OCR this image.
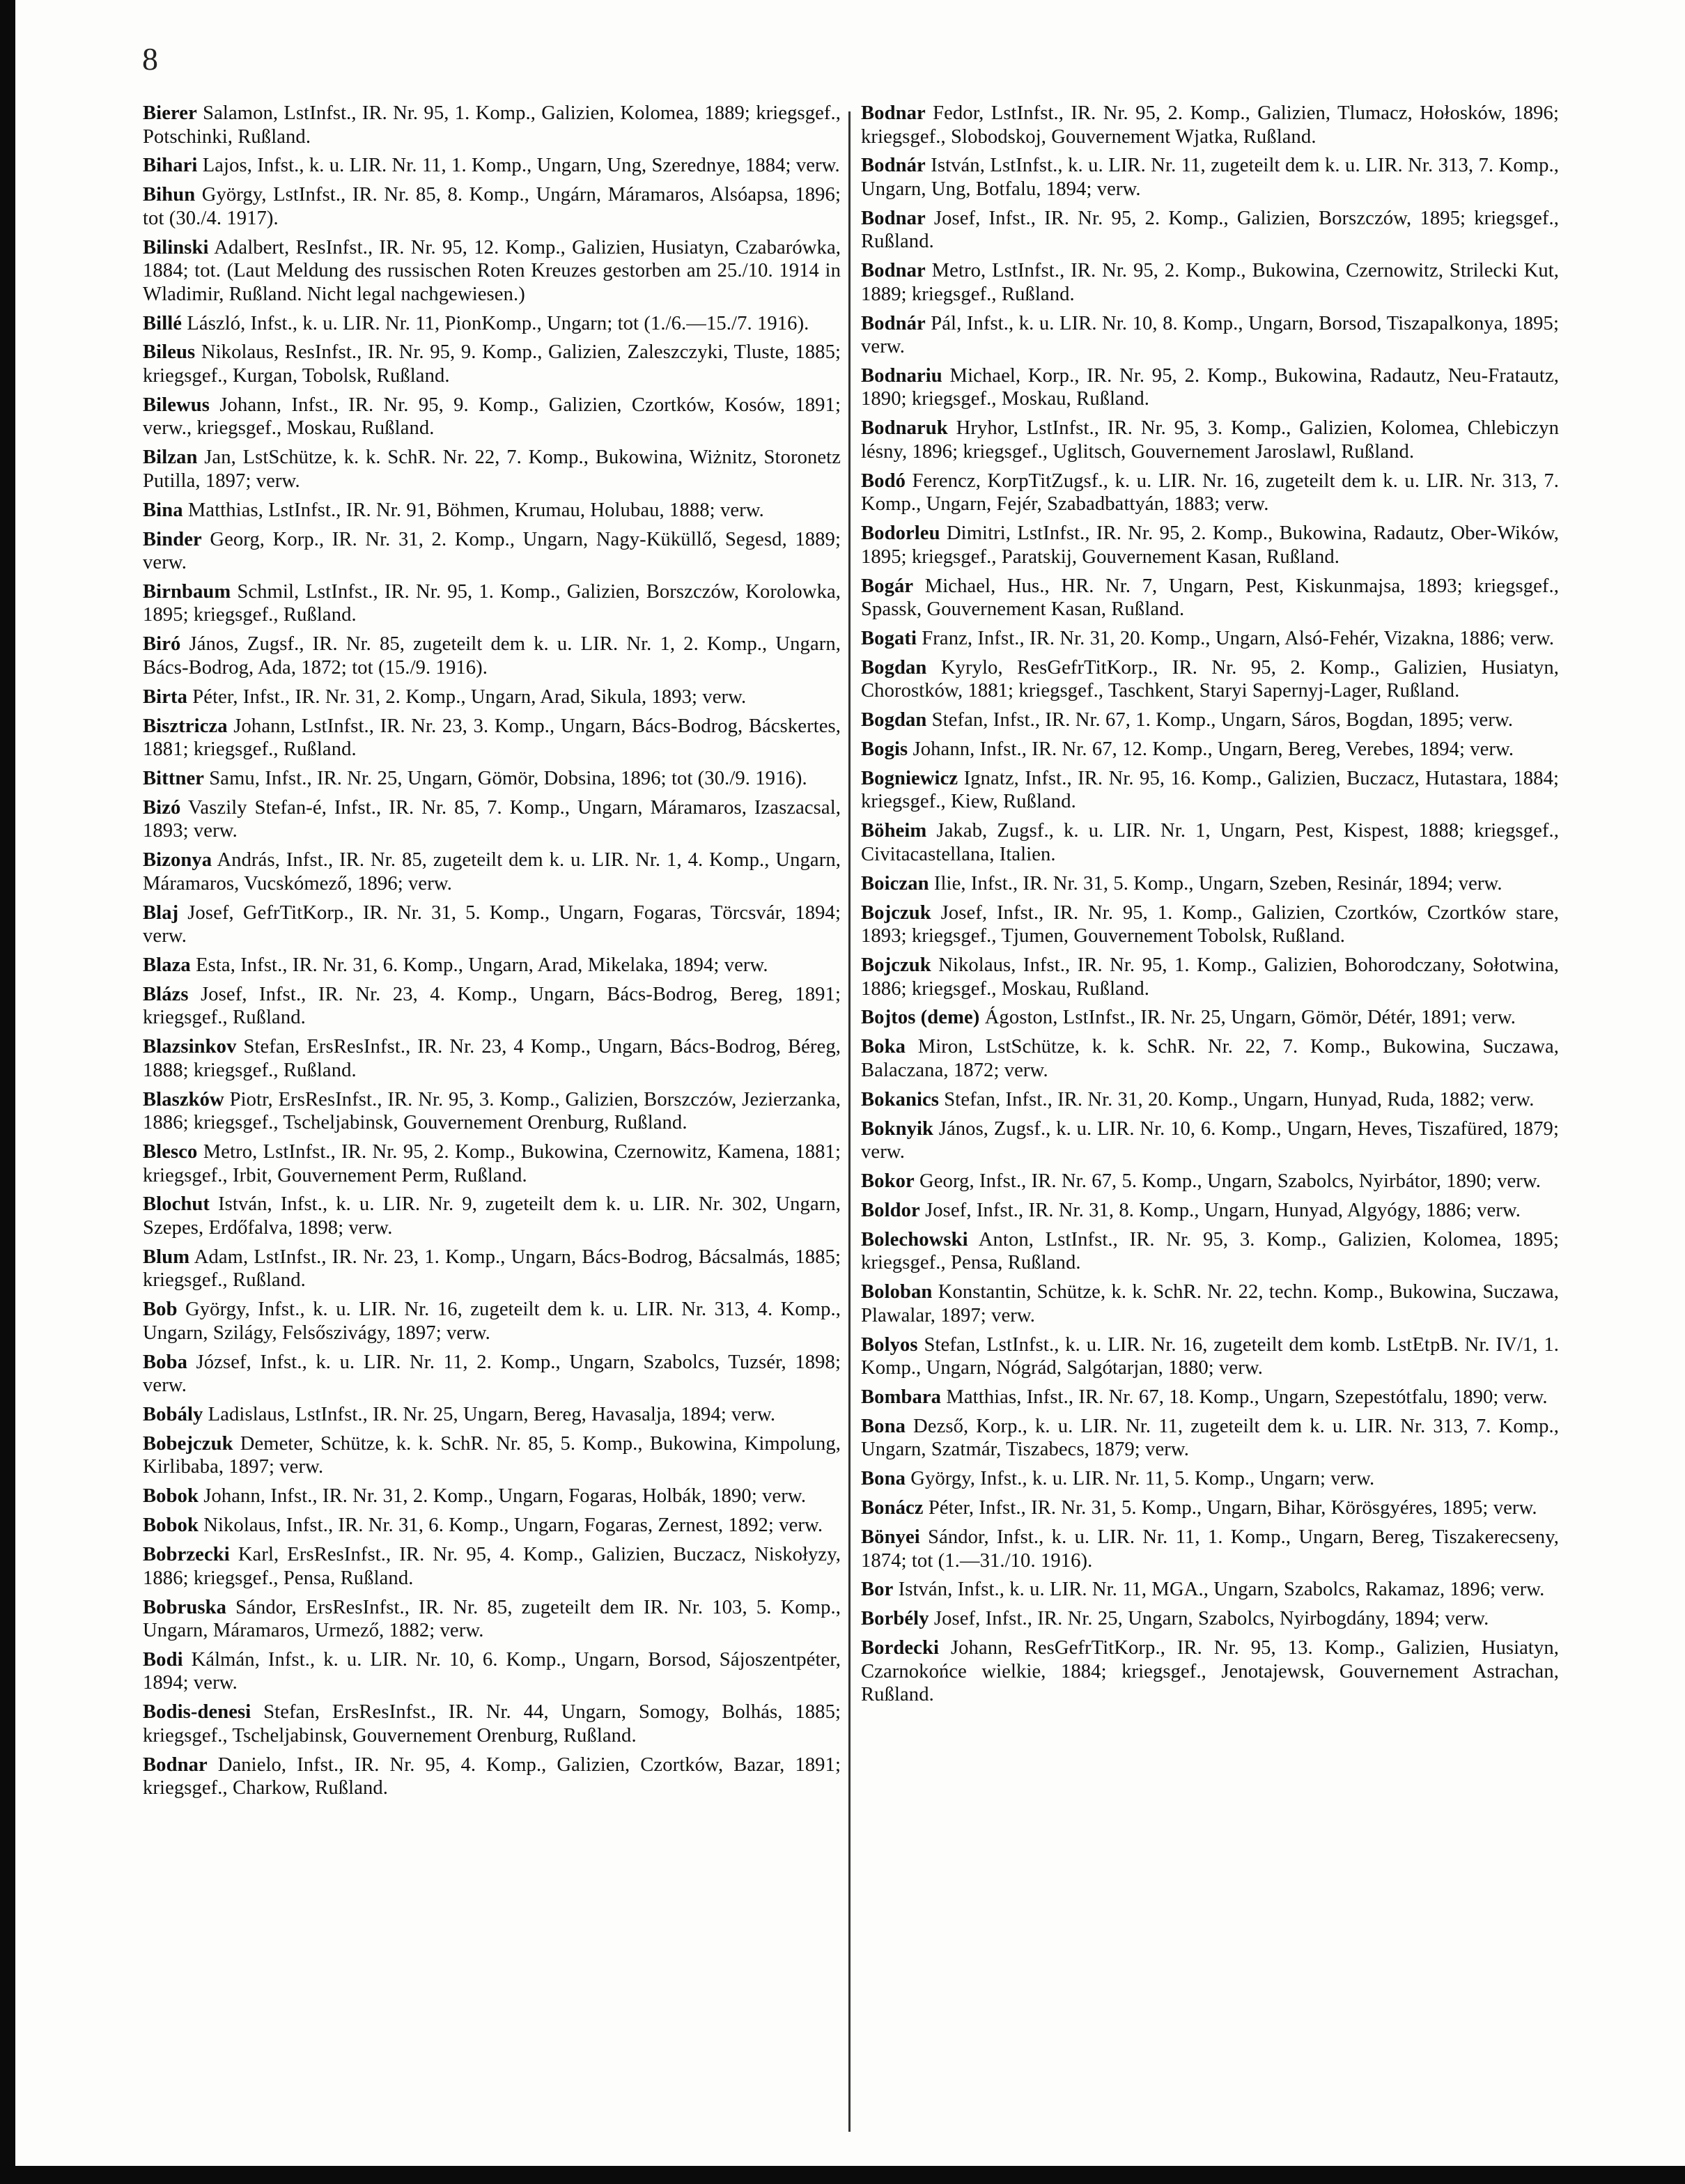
8

Bierer Salamon, LstInfst., IR. Nr. 95, 1. Komp., Galizien, Kolomea, 1889; kriegsgef., Potschinki, Rußland.

Bihari Lajos, Infst., k. u. LIR. Nr. 11, 1. Komp., Ungarn, Ung, Szerednye, 1884; verw.

Bihun György, LstInfst., IR. Nr. 85, 8. Komp., Ungárn, Máramaros, Alsóapsa, 1896; tot (30./4. 1917).

Bilinski Adalbert, ResInfst., IR. Nr. 95, 12. Komp., Galizien, Husiatyn, Czabarówka, 1884; tot. (Laut Meldung des russischen Roten Kreuzes gestorben am 25./10. 1914 in Wladimir, Rußland. Nicht legal nachgewiesen.)

Billé László, Infst., k. u. LIR. Nr. 11, PionKomp., Ungarn; tot (1./6.—15./7. 1916).

Bileus Nikolaus, ResInfst., IR. Nr. 95, 9. Komp., Galizien, Zaleszczyki, Tluste, 1885; kriegsgef., Kurgan, Tobolsk, Rußland.

Bilewus Johann, Infst., IR. Nr. 95, 9. Komp., Galizien, Czortków, Kosów, 1891; verw., kriegsgef., Moskau, Rußland.

Bilzan Jan, LstSchütze, k. k. SchR. Nr. 22, 7. Komp., Bukowina, Wiżnitz, Storonetz Putilla, 1897; verw.

Bina Matthias, LstInfst., IR. Nr. 91, Böhmen, Krumau, Holubau, 1888; verw.

Binder Georg, Korp., IR. Nr. 31, 2. Komp., Ungarn, Nagy-Küküllő, Segesd, 1889; verw.

Birnbaum Schmil, LstInfst., IR. Nr. 95, 1. Komp., Galizien, Borszczów, Korolowka, 1895; kriegsgef., Rußland.

Biró János, Zugsf., IR. Nr. 85, zugeteilt dem k. u. LIR. Nr. 1, 2. Komp., Ungarn, Bács-Bodrog, Ada, 1872; tot (15./9. 1916).

Birta Péter, Infst., IR. Nr. 31, 2. Komp., Ungarn, Arad, Sikula, 1893; verw.

Bisztricza Johann, LstInfst., IR. Nr. 23, 3. Komp., Ungarn, Bács-Bodrog, Bácskertes, 1881; kriegsgef., Rußland.

Bittner Samu, Infst., IR. Nr. 25, Ungarn, Gömör, Dobsina, 1896; tot (30./9. 1916).

Bizó Vaszily Stefan-é, Infst., IR. Nr. 85, 7. Komp., Ungarn, Máramaros, Izaszacsal, 1893; verw.

Bizonya András, Infst., IR. Nr. 85, zugeteilt dem k. u. LIR. Nr. 1, 4. Komp., Ungarn, Máramaros, Vucskómező, 1896; verw.

Blaj Josef, GefrTitKorp., IR. Nr. 31, 5. Komp., Ungarn, Fogaras, Törcsvár, 1894; verw.

Blaza Esta, Infst., IR. Nr. 31, 6. Komp., Ungarn, Arad, Mikelaka, 1894; verw.

Blázs Josef, Infst., IR. Nr. 23, 4. Komp., Ungarn, Bács-Bodrog, Bereg, 1891; kriegsgef., Rußland.

Blazsinkov Stefan, ErsResInfst., IR. Nr. 23, 4 Komp., Ungarn, Bács-Bodrog, Béreg, 1888; kriegsgef., Rußland.

Blaszków Piotr, ErsResInfst., IR. Nr. 95, 3. Komp., Galizien, Borszczów, Jezierzanka, 1886; kriegsgef., Tscheljabinsk, Gouvernement Orenburg, Rußland.

Blesco Metro, LstInfst., IR. Nr. 95, 2. Komp., Bukowina, Czernowitz, Kamena, 1881; kriegsgef., Irbit, Gouvernement Perm, Rußland.

Blochut István, Infst., k. u. LIR. Nr. 9, zugeteilt dem k. u. LIR. Nr. 302, Ungarn, Szepes, Erdőfalva, 1898; verw.

Blum Adam, LstInfst., IR. Nr. 23, 1. Komp., Ungarn, Bács-Bodrog, Bácsalmás, 1885; kriegsgef., Rußland.

Bob György, Infst., k. u. LIR. Nr. 16, zugeteilt dem k. u. LIR. Nr. 313, 4. Komp., Ungarn, Szilágy, Felsőszivágy, 1897; verw.

Boba József, Infst., k. u. LIR. Nr. 11, 2. Komp., Ungarn, Szabolcs, Tuzsér, 1898; verw.

Bobály Ladislaus, LstInfst., IR. Nr. 25, Ungarn, Bereg, Havasalja, 1894; verw.

Bobejczuk Demeter, Schütze, k. k. SchR. Nr. 85, 5. Komp., Bukowina, Kimpolung, Kirlibaba, 1897; verw.

Bobok Johann, Infst., IR. Nr. 31, 2. Komp., Ungarn, Fogaras, Holbák, 1890; verw.

Bobok Nikolaus, Infst., IR. Nr. 31, 6. Komp., Ungarn, Fogaras, Zernest, 1892; verw.

Bobrzecki Karl, ErsResInfst., IR. Nr. 95, 4. Komp., Galizien, Buczacz, Niskołyzy, 1886; kriegsgef., Pensa, Rußland.

Bobruska Sándor, ErsResInfst., IR. Nr. 85, zugeteilt dem IR. Nr. 103, 5. Komp., Ungarn, Máramaros, Urmező, 1882; verw.

Bodi Kálmán, Infst., k. u. LIR. Nr. 10, 6. Komp., Ungarn, Borsod, Sájoszentpéter, 1894; verw.

Bodis-denesi Stefan, ErsResInfst., IR. Nr. 44, Ungarn, Somogy, Bolhás, 1885; kriegsgef., Tscheljabinsk, Gouvernement Orenburg, Rußland.

Bodnar Danielo, Infst., IR. Nr. 95, 4. Komp., Galizien, Czortków, Bazar, 1891; kriegsgef., Charkow, Rußland.

Bodnar Fedor, LstInfst., IR. Nr. 95, 2. Komp., Galizien, Tlumacz, Hołosków, 1896; kriegsgef., Slobodskoj, Gouvernement Wjatka, Rußland.

Bodnár István, LstInfst., k. u. LIR. Nr. 11, zugeteilt dem k. u. LIR. Nr. 313, 7. Komp., Ungarn, Ung, Botfalu, 1894; verw.

Bodnar Josef, Infst., IR. Nr. 95, 2. Komp., Galizien, Borszczów, 1895; kriegsgef., Rußland.

Bodnar Metro, LstInfst., IR. Nr. 95, 2. Komp., Bukowina, Czernowitz, Strilecki Kut, 1889; kriegsgef., Rußland.

Bodnár Pál, Infst., k. u. LIR. Nr. 10, 8. Komp., Ungarn, Borsod, Tiszapalkonya, 1895; verw.

Bodnariu Michael, Korp., IR. Nr. 95, 2. Komp., Bukowina, Radautz, Neu-Fratautz, 1890; kriegsgef., Moskau, Rußland.

Bodnaruk Hryhor, LstInfst., IR. Nr. 95, 3. Komp., Galizien, Kolomea, Chlebiczyn lésny, 1896; kriegsgef., Uglitsch, Gouvernement Jaroslawl, Rußland.

Bodó Ferencz, KorpTitZugsf., k. u. LIR. Nr. 16, zugeteilt dem k. u. LIR. Nr. 313, 7. Komp., Ungarn, Fejér, Szabadbattyán, 1883; verw.

Bodorleu Dimitri, LstInfst., IR. Nr. 95, 2. Komp., Bukowina, Radautz, Ober-Wików, 1895; kriegsgef., Paratskij, Gouvernement Kasan, Rußland.

Bogár Michael, Hus., HR. Nr. 7, Ungarn, Pest, Kiskunmajsa, 1893; kriegsgef., Spassk, Gouvernement Kasan, Rußland.

Bogati Franz, Infst., IR. Nr. 31, 20. Komp., Ungarn, Alsó-Fehér, Vizakna, 1886; verw.

Bogdan Kyrylo, ResGefrTitKorp., IR. Nr. 95, 2. Komp., Galizien, Husiatyn, Chorostków, 1881; kriegsgef., Taschkent, Staryi Sapernyj-Lager, Rußland.

Bogdan Stefan, Infst., IR. Nr. 67, 1. Komp., Ungarn, Sáros, Bogdan, 1895; verw.

Bogis Johann, Infst., IR. Nr. 67, 12. Komp., Ungarn, Bereg, Verebes, 1894; verw.

Bogniewicz Ignatz, Infst., IR. Nr. 95, 16. Komp., Galizien, Buczacz, Hutastara, 1884; kriegsgef., Kiew, Rußland.

Böheim Jakab, Zugsf., k. u. LIR. Nr. 1, Ungarn, Pest, Kispest, 1888; kriegsgef., Civitacastellana, Italien.

Boiczan Ilie, Infst., IR. Nr. 31, 5. Komp., Ungarn, Szeben, Resinár, 1894; verw.

Bojczuk Josef, Infst., IR. Nr. 95, 1. Komp., Galizien, Czortków, Czortków stare, 1893; kriegsgef., Tjumen, Gouvernement Tobolsk, Rußland.

Bojczuk Nikolaus, Infst., IR. Nr. 95, 1. Komp., Galizien, Bohorodczany, Sołotwina, 1886; kriegsgef., Moskau, Rußland.

Bojtos (deme) Ágoston, LstInfst., IR. Nr. 25, Ungarn, Gömör, Détér, 1891; verw.

Boka Miron, LstSchütze, k. k. SchR. Nr. 22, 7. Komp., Bukowina, Suczawa, Balaczana, 1872; verw.

Bokanics Stefan, Infst., IR. Nr. 31, 20. Komp., Ungarn, Hunyad, Ruda, 1882; verw.

Boknyik János, Zugsf., k. u. LIR. Nr. 10, 6. Komp., Ungarn, Heves, Tiszafüred, 1879; verw.

Bokor Georg, Infst., IR. Nr. 67, 5. Komp., Ungarn, Szabolcs, Nyirbátor, 1890; verw.

Boldor Josef, Infst., IR. Nr. 31, 8. Komp., Ungarn, Hunyad, Algyógy, 1886; verw.

Bolechowski Anton, LstInfst., IR. Nr. 95, 3. Komp., Galizien, Kolomea, 1895; kriegsgef., Pensa, Rußland.

Boloban Konstantin, Schütze, k. k. SchR. Nr. 22, techn. Komp., Bukowina, Suczawa, Plawalar, 1897; verw.

Bolyos Stefan, LstInfst., k. u. LIR. Nr. 16, zugeteilt dem komb. LstEtpB. Nr. IV/1, 1. Komp., Ungarn, Nógrád, Salgótarjan, 1880; verw.

Bombara Matthias, Infst., IR. Nr. 67, 18. Komp., Ungarn, Szepestótfalu, 1890; verw.

Bona Dezső, Korp., k. u. LIR. Nr. 11, zugeteilt dem k. u. LIR. Nr. 313, 7. Komp., Ungarn, Szatmár, Tiszabecs, 1879; verw.

Bona György, Infst., k. u. LIR. Nr. 11, 5. Komp., Ungarn; verw.

Bonácz Péter, Infst., IR. Nr. 31, 5. Komp., Ungarn, Bihar, Körösgyéres, 1895; verw.

Bönyei Sándor, Infst., k. u. LIR. Nr. 11, 1. Komp., Ungarn, Bereg, Tiszakerecseny, 1874; tot (1.—31./10. 1916).

Bor István, Infst., k. u. LIR. Nr. 11, MGA., Ungarn, Szabolcs, Rakamaz, 1896; verw.

Borbély Josef, Infst., IR. Nr. 25, Ungarn, Szabolcs, Nyirbogdány, 1894; verw.

Bordecki Johann, ResGefrTitKorp., IR. Nr. 95, 13. Komp., Galizien, Husiatyn, Czarnokońce wielkie, 1884; kriegsgef., Jenotajewsk, Gouvernement Astrachan, Rußland.
